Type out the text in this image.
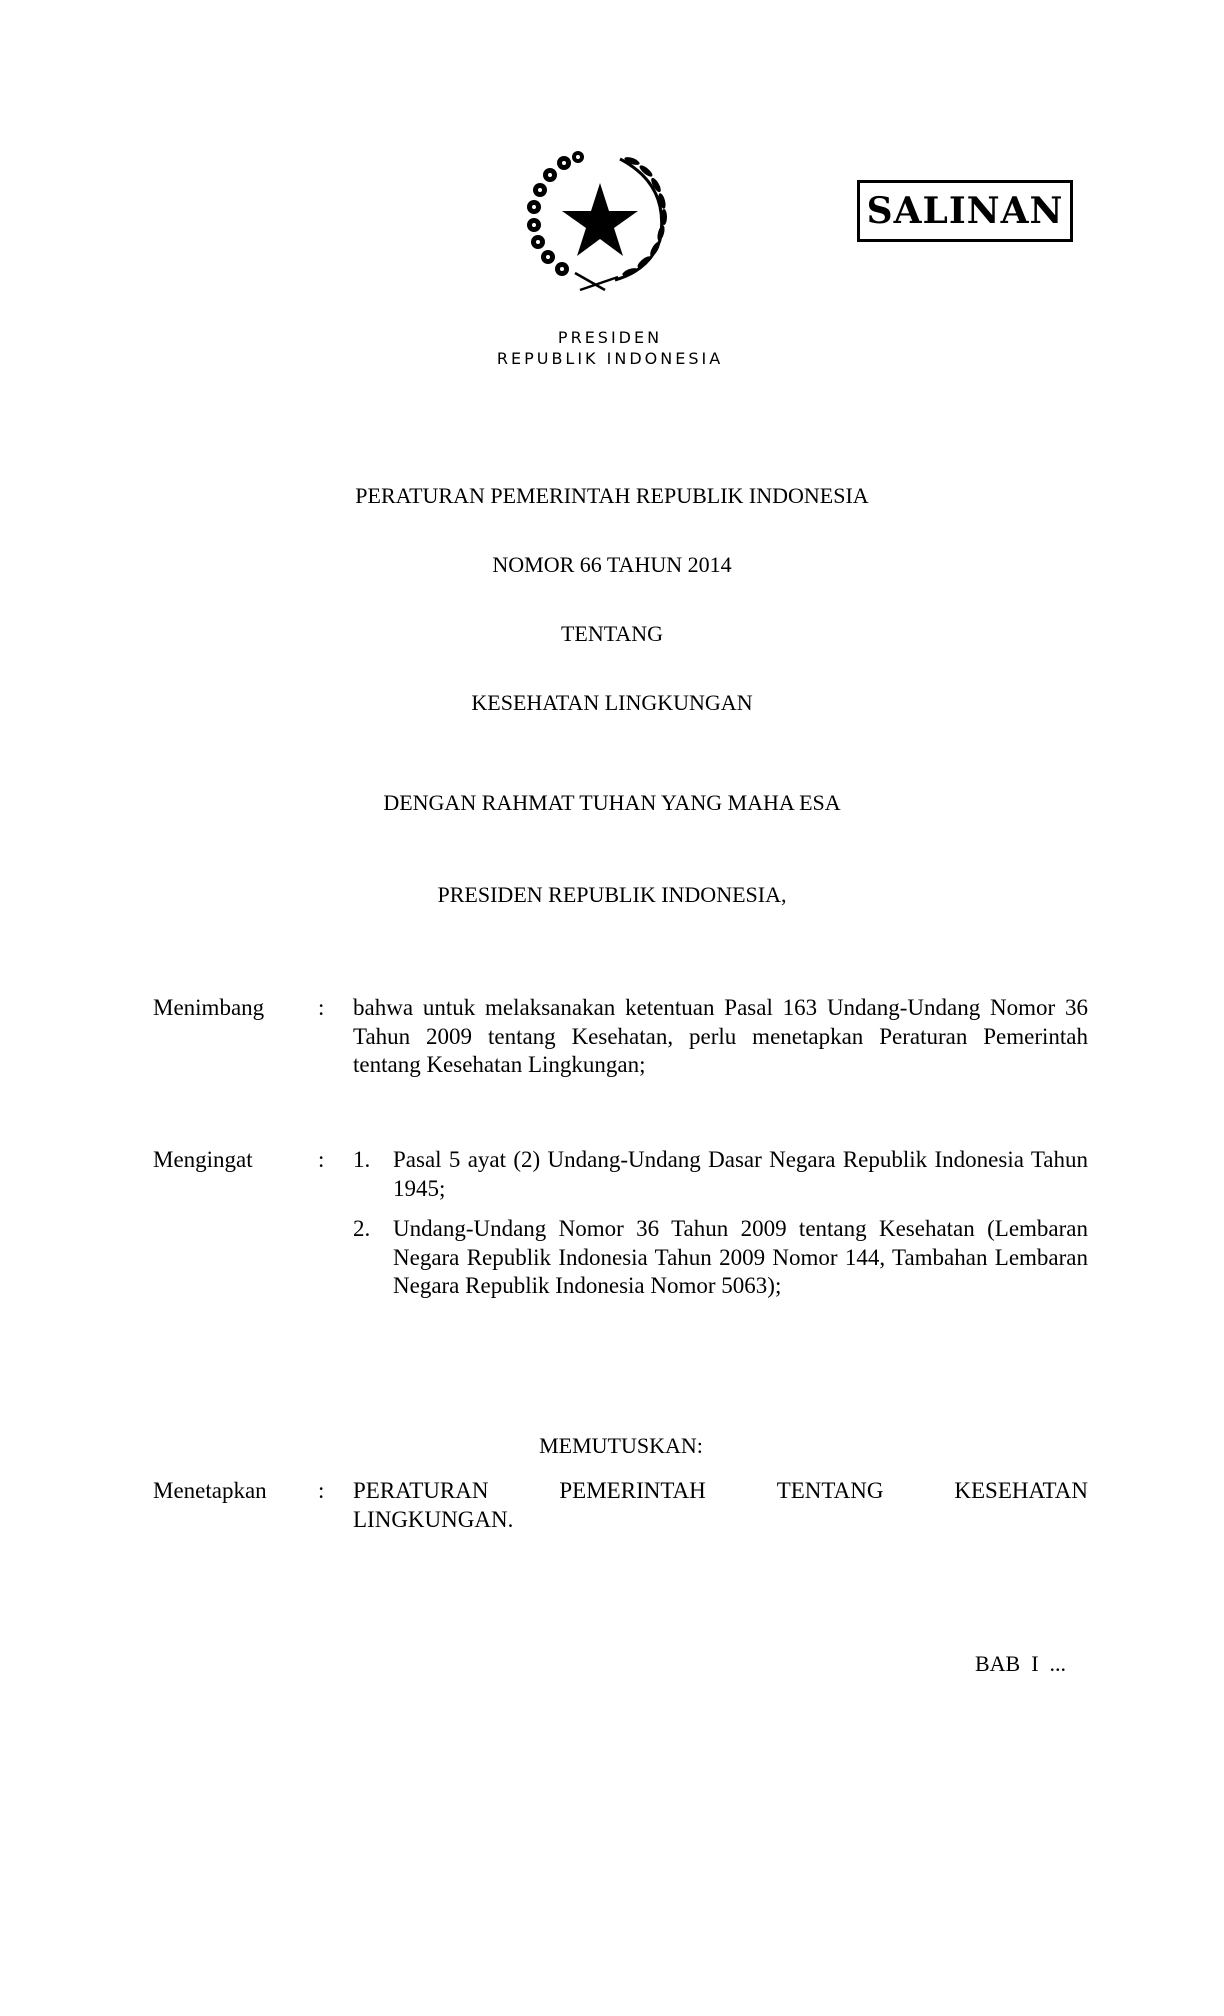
PRESIDEN
REPUBLIK INDONESIA
SALINAN
PERATURAN PEMERINTAH REPUBLIK INDONESIA
NOMOR 66 TAHUN 2014
TENTANG
KESEHATAN LINGKUNGAN
DENGAN RAHMAT TUHAN YANG MAHA ESA
PRESIDEN REPUBLIK INDONESIA,
Menimbang : bahwa untuk melaksanakan ketentuan Pasal 163 Undang-Undang Nomor 36 Tahun 2009 tentang Kesehatan, perlu menetapkan Peraturan Pemerintah tentang Kesehatan Lingkungan;
Mengingat	: 1. Pasal 5 ayat (2) Undang-Undang Dasar Negara Republik Indonesia Tahun 1945;
2. Undang-Undang Nomor 36 Tahun 2009 tentang Kesehatan (Lembaran Negara Republik Indonesia Tahun 2009 Nomor 144, Tambahan Lembaran Negara Republik Indonesia Nomor 5063);
MEMUTUSKAN:
Menetapkan : PERATURAN	PEMERINTAH	TENTANG	KESEHATAN
LINGKUNGAN.
BAB  I  ...
